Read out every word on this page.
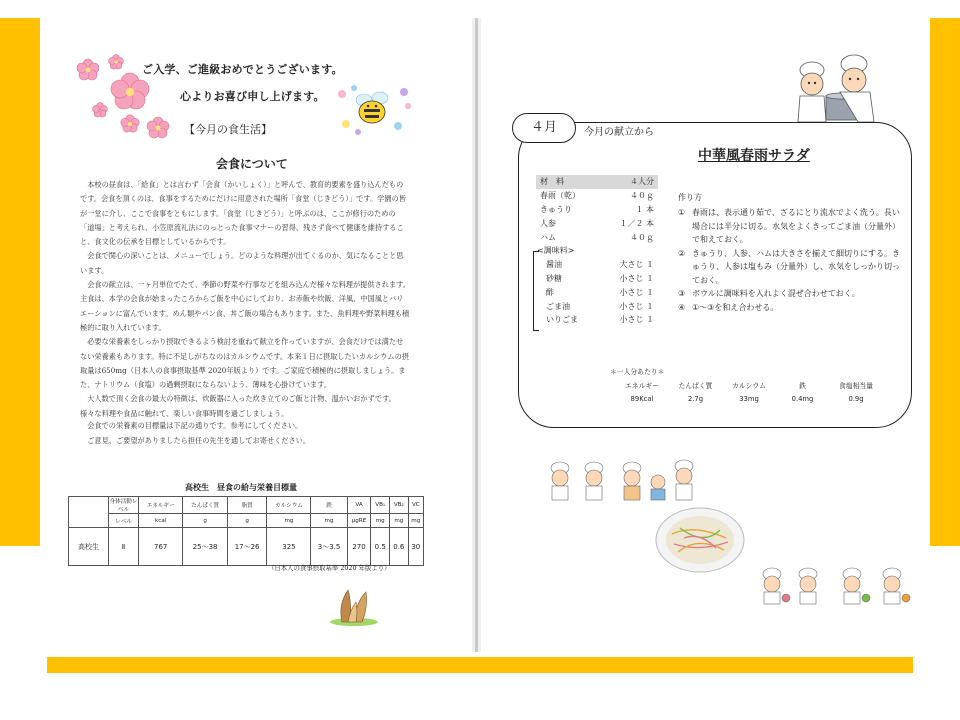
ご入学、ご進級おめでとうございます。
心よりお喜び申し上げます。
【今月の食生活】
会食について

本校の昼食は、「給食」とは言わず「会食（かいしょく）」と呼んで、教育的要素を盛り込んだものです。会食を頂くのは、食事をするためにだけに用意された場所「食堂（じきどう）」です。学園の皆が一堂に介し、ここで食事をともにします。「食堂（じきどう）」と呼ぶのは、ここが修行のための「道場」と考えられ、小笠原流礼法にのっとった食事マナーの習得、残さず食べて健康を維持すること、食文化の伝承を目標としているからです。

会食で関心の深いことは、メニューでしょう。どのような料理が出てくるのか、気になることと思います。

会食の献立は、一ヶ月単位でたて、季節の野菜や行事などを組み込んだ様々な料理が提供されます。主食は、本学の会食が始まったころからご飯を中心にしており、お赤飯や炊飯、洋風、中国風とバリエーションに富んでいます。めん類やパン食、丼ご飯の場合もあります。また、魚料理や野菜料理も積極的に取り入れています。

必要な栄養素をしっかり摂取できるよう検討を重ねて献立を作っていますが、会食だけでは満たせない栄養素もあります。特に不足しがちなのはカルシウムです。本来１日に摂取したいカルシウムの摂取量は650mg（日本人の食事摂取基準 2020年版より）です。ご家庭で積極的に摂取しましょう。また、ナトリウム（食塩）の過剰摂取にならないよう、薄味を心掛けています。

大人数で頂く会食の最大の特徴は、炊飯器に入った炊き立てのご飯と汁物、温かいおかずです。様々な料理や食品に触れて、楽しい食事時間を過ごしましょう。

会食での栄養素の目標量は下記の通りです。参考にしてください。

ご意見、ご要望がありましたら担任の先生を通してお寄せください。

高校生　昼食の給与栄養目標量
	身体活動レベル	エネルギー	たんぱく質	脂質	カルシウム	鉄	VA	VB₁	VB₂	VC
	レベル	kcal	g	g	mg	mg	μgRE	mg	mg	mg
高校生	Ⅱ	767	25〜38	17〜26	325	3〜3.5	270	0.5	0.6	30
（日本人の食事摂取基準 2020 年版より）
４月	今月の献立から
中華風春雨サラダ
材　料	４人分
春雨（乾）	４０ｇ
きゅうり	１ 本
人参	１／２ 本
ハム	４０ｇ
<調味料>
醤油	大さじ １
砂糖	小さじ １
酢	小さじ １
ごま油	小さじ １
いりごま	小さじ １
作り方
① 春雨は、表示通り茹で、ざるにとり流水でよく洗う。長い場合には半分に切る。水気をよくきってごま油（分量外）で和えておく。
② きゅうり、人参、ハムは大きさを揃えて細切りにする。きゅうり、人参は塩もみ（分量外）し、水気をしっかり切っておく。
③ ボウルに調味料を入れよく混ぜ合わせておく。
④ ①〜③を和え合わせる。
＊一人分あたり＊
エネルギー	たんぱく質	カルシウム	鉄	食塩相当量
89Kcal	2.7g	33mg	0.4mg	0.9g
